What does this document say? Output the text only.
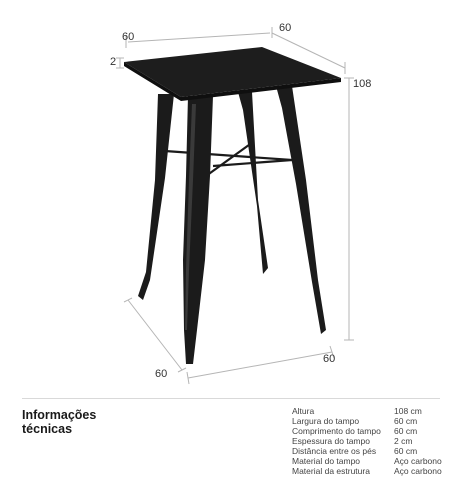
60
60
2
108
60
60
Informações
técnicas
Altura	108 cm
Largura do tampo	60 cm
Comprimento do tampo	60 cm
Espessura do tampo	2 cm
Distância entre os pés	60 cm
Material do tampo	Aço carbono
Material da estrutura	Aço carbono
